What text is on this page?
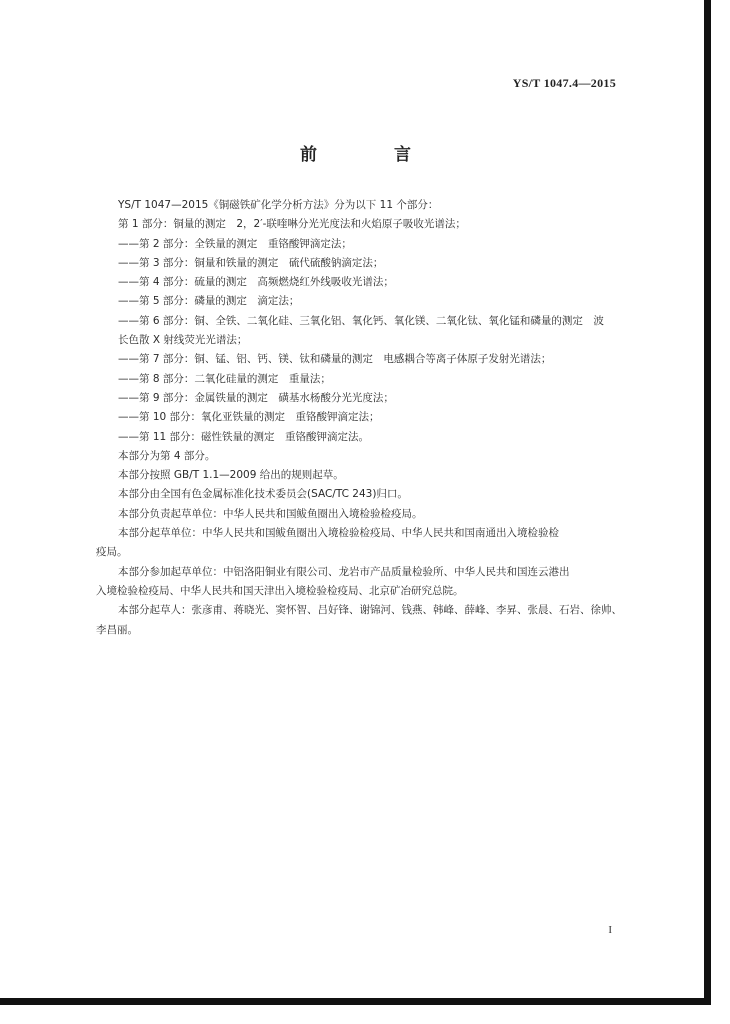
YS/T 1047.4—2015
前　言

YS/T 1047—2015《铜磁铁矿化学分析方法》分为以下 11 个部分：

第 1 部分：铜量的测定　2，2′-联喹啉分光光度法和火焰原子吸收光谱法；

——第 2 部分：全铁量的测定　重铬酸钾滴定法；

——第 3 部分：铜量和铁量的测定　硫代硫酸钠滴定法；

——第 4 部分：硫量的测定　高频燃烧红外线吸收光谱法；

——第 5 部分：磷量的测定　滴定法；

——第 6 部分：铜、全铁、二氧化硅、三氧化铝、氧化钙、氧化镁、二氧化钛、氧化锰和磷量的测定　波

长色散 X 射线荧光光谱法；

——第 7 部分：铜、锰、铝、钙、镁、钛和磷量的测定　电感耦合等离子体原子发射光谱法；

——第 8 部分：二氧化硅量的测定　重量法；

——第 9 部分：金属铁量的测定　磺基水杨酸分光光度法；

——第 10 部分：氧化亚铁量的测定　重铬酸钾滴定法；

——第 11 部分：磁性铁量的测定　重铬酸钾滴定法。

本部分为第 4 部分。

本部分按照 GB/T 1.1—2009 给出的规则起草。

本部分由全国有色金属标准化技术委员会(SAC/TC 243)归口。

本部分负责起草单位：中华人民共和国鲅鱼圈出入境检验检疫局。

本部分起草单位：中华人民共和国鲅鱼圈出入境检验检疫局、中华人民共和国南通出入境检验检

疫局。

本部分参加起草单位：中铝洛阳铜业有限公司、龙岩市产品质量检验所、中华人民共和国连云港出

入境检验检疫局、中华人民共和国天津出入境检验检疫局、北京矿冶研究总院。

本部分起草人：张彦甫、蒋晓光、窦怀智、吕好锋、谢锦河、钱燕、韩峰、薛峰、李昇、张晨、石岩、徐帅、

李昌丽。

I
